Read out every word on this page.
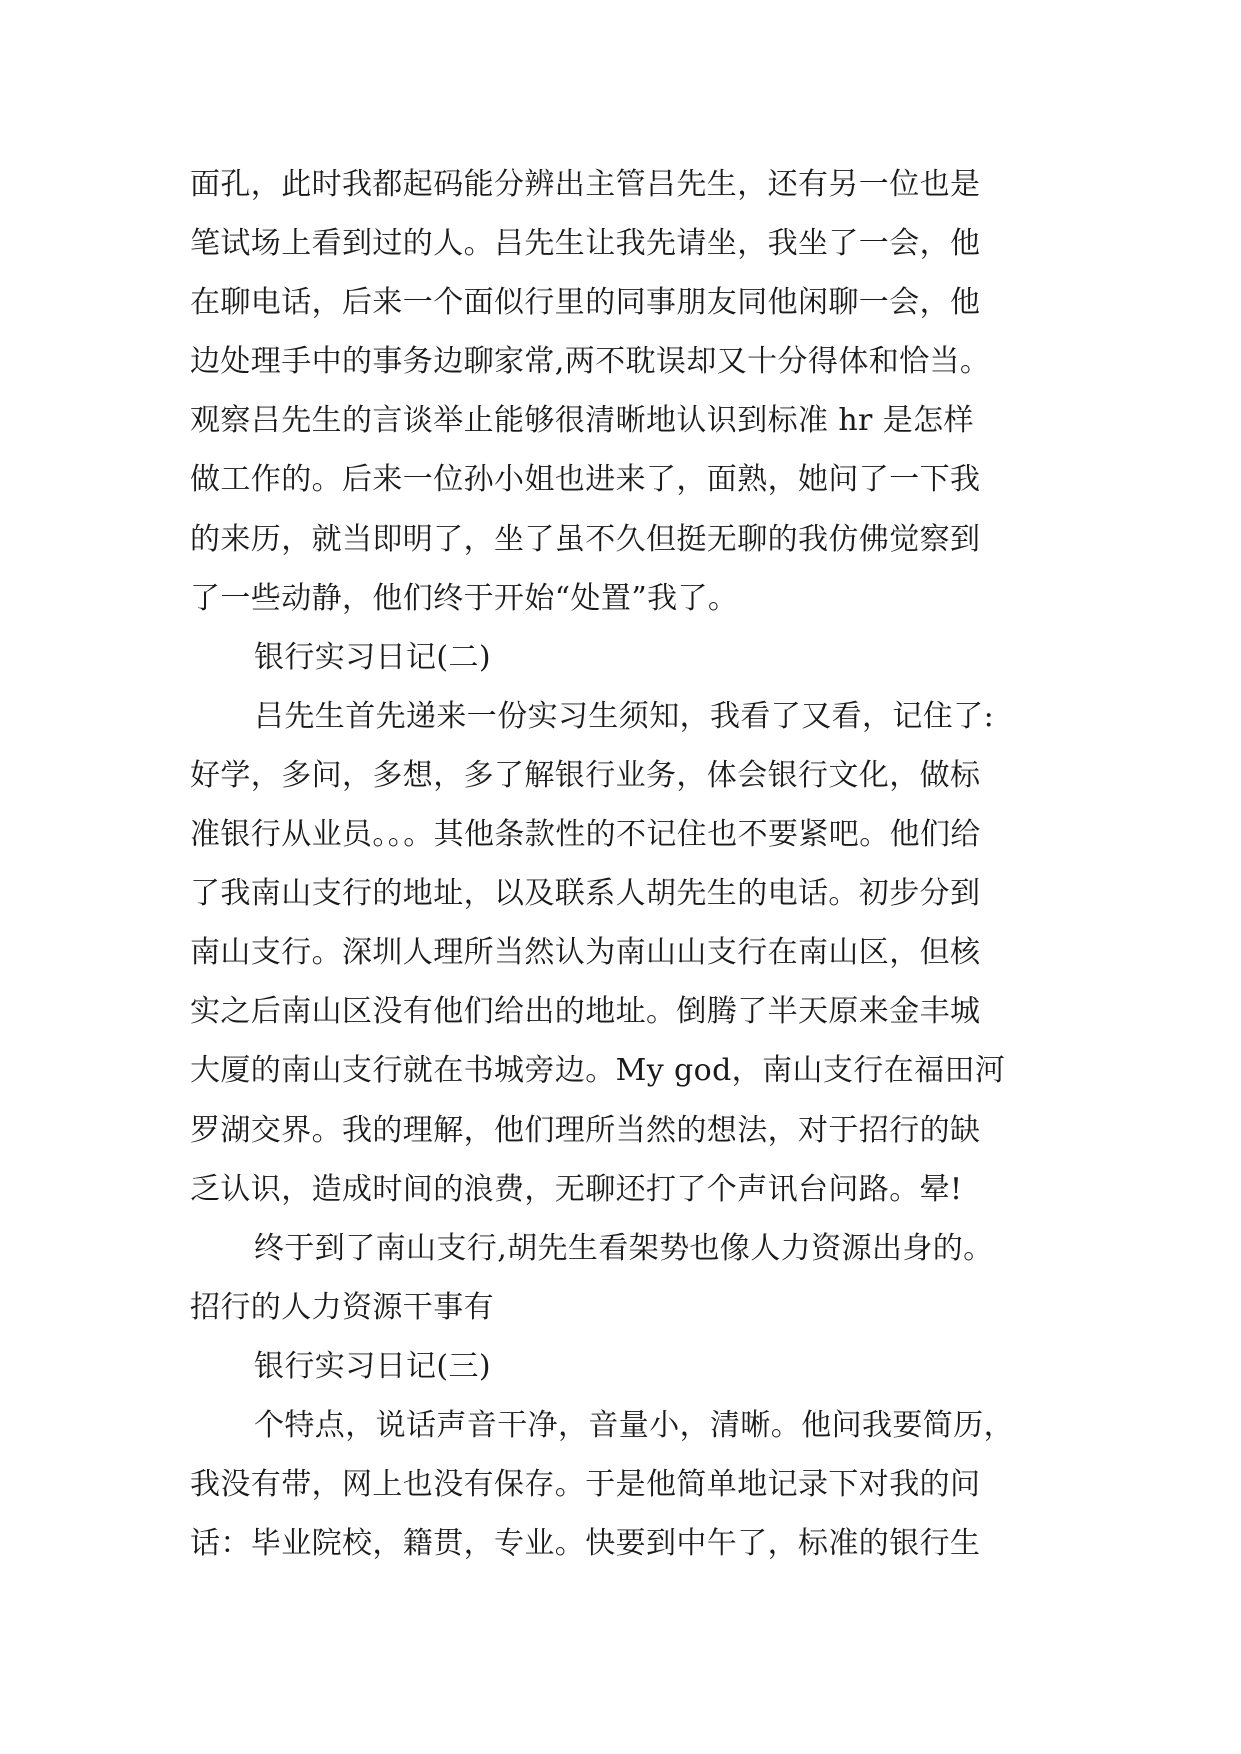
面孔，此时我都起码能分辨出主管吕先生，还有另一位也是
笔试场上看到过的人。吕先生让我先请坐，我坐了一会，他
在聊电话，后来一个面似行里的同事朋友同他闲聊一会，他
边处理手中的事务边聊家常,两不耽误却又十分得体和恰当。
观察吕先生的言谈举止能够很清晰地认识到标准 hr 是怎样
做工作的。后来一位孙小姐也进来了，面熟，她问了一下我
的来历，就当即明了，坐了虽不久但挺无聊的我仿佛觉察到
了一些动静，他们终于开始“处置”我了。
银行实习日记(二)
吕先生首先递来一份实习生须知，我看了又看，记住了:
好学，多问，多想，多了解银行业务，体会银行文化，做标
准银行从业员。。。其他条款性的不记住也不要紧吧。他们给
了我南山支行的地址，以及联系人胡先生的电话。初步分到
南山支行。深圳人理所当然认为南山山支行在南山区，但核
实之后南山区没有他们给出的地址。倒腾了半天原来金丰城
大厦的南山支行就在书城旁边。My god，南山支行在福田河
罗湖交界。我的理解，他们理所当然的想法，对于招行的缺
乏认识，造成时间的浪费，无聊还打了个声讯台问路。晕!
终于到了南山支行,胡先生看架势也像人力资源出身的。
招行的人力资源干事有
银行实习日记(三)
个特点，说话声音干净，音量小，清晰。他问我要简历，
我没有带，网上也没有保存。于是他简单地记录下对我的问
话：毕业院校，籍贯，专业。快要到中午了，标准的银行生
